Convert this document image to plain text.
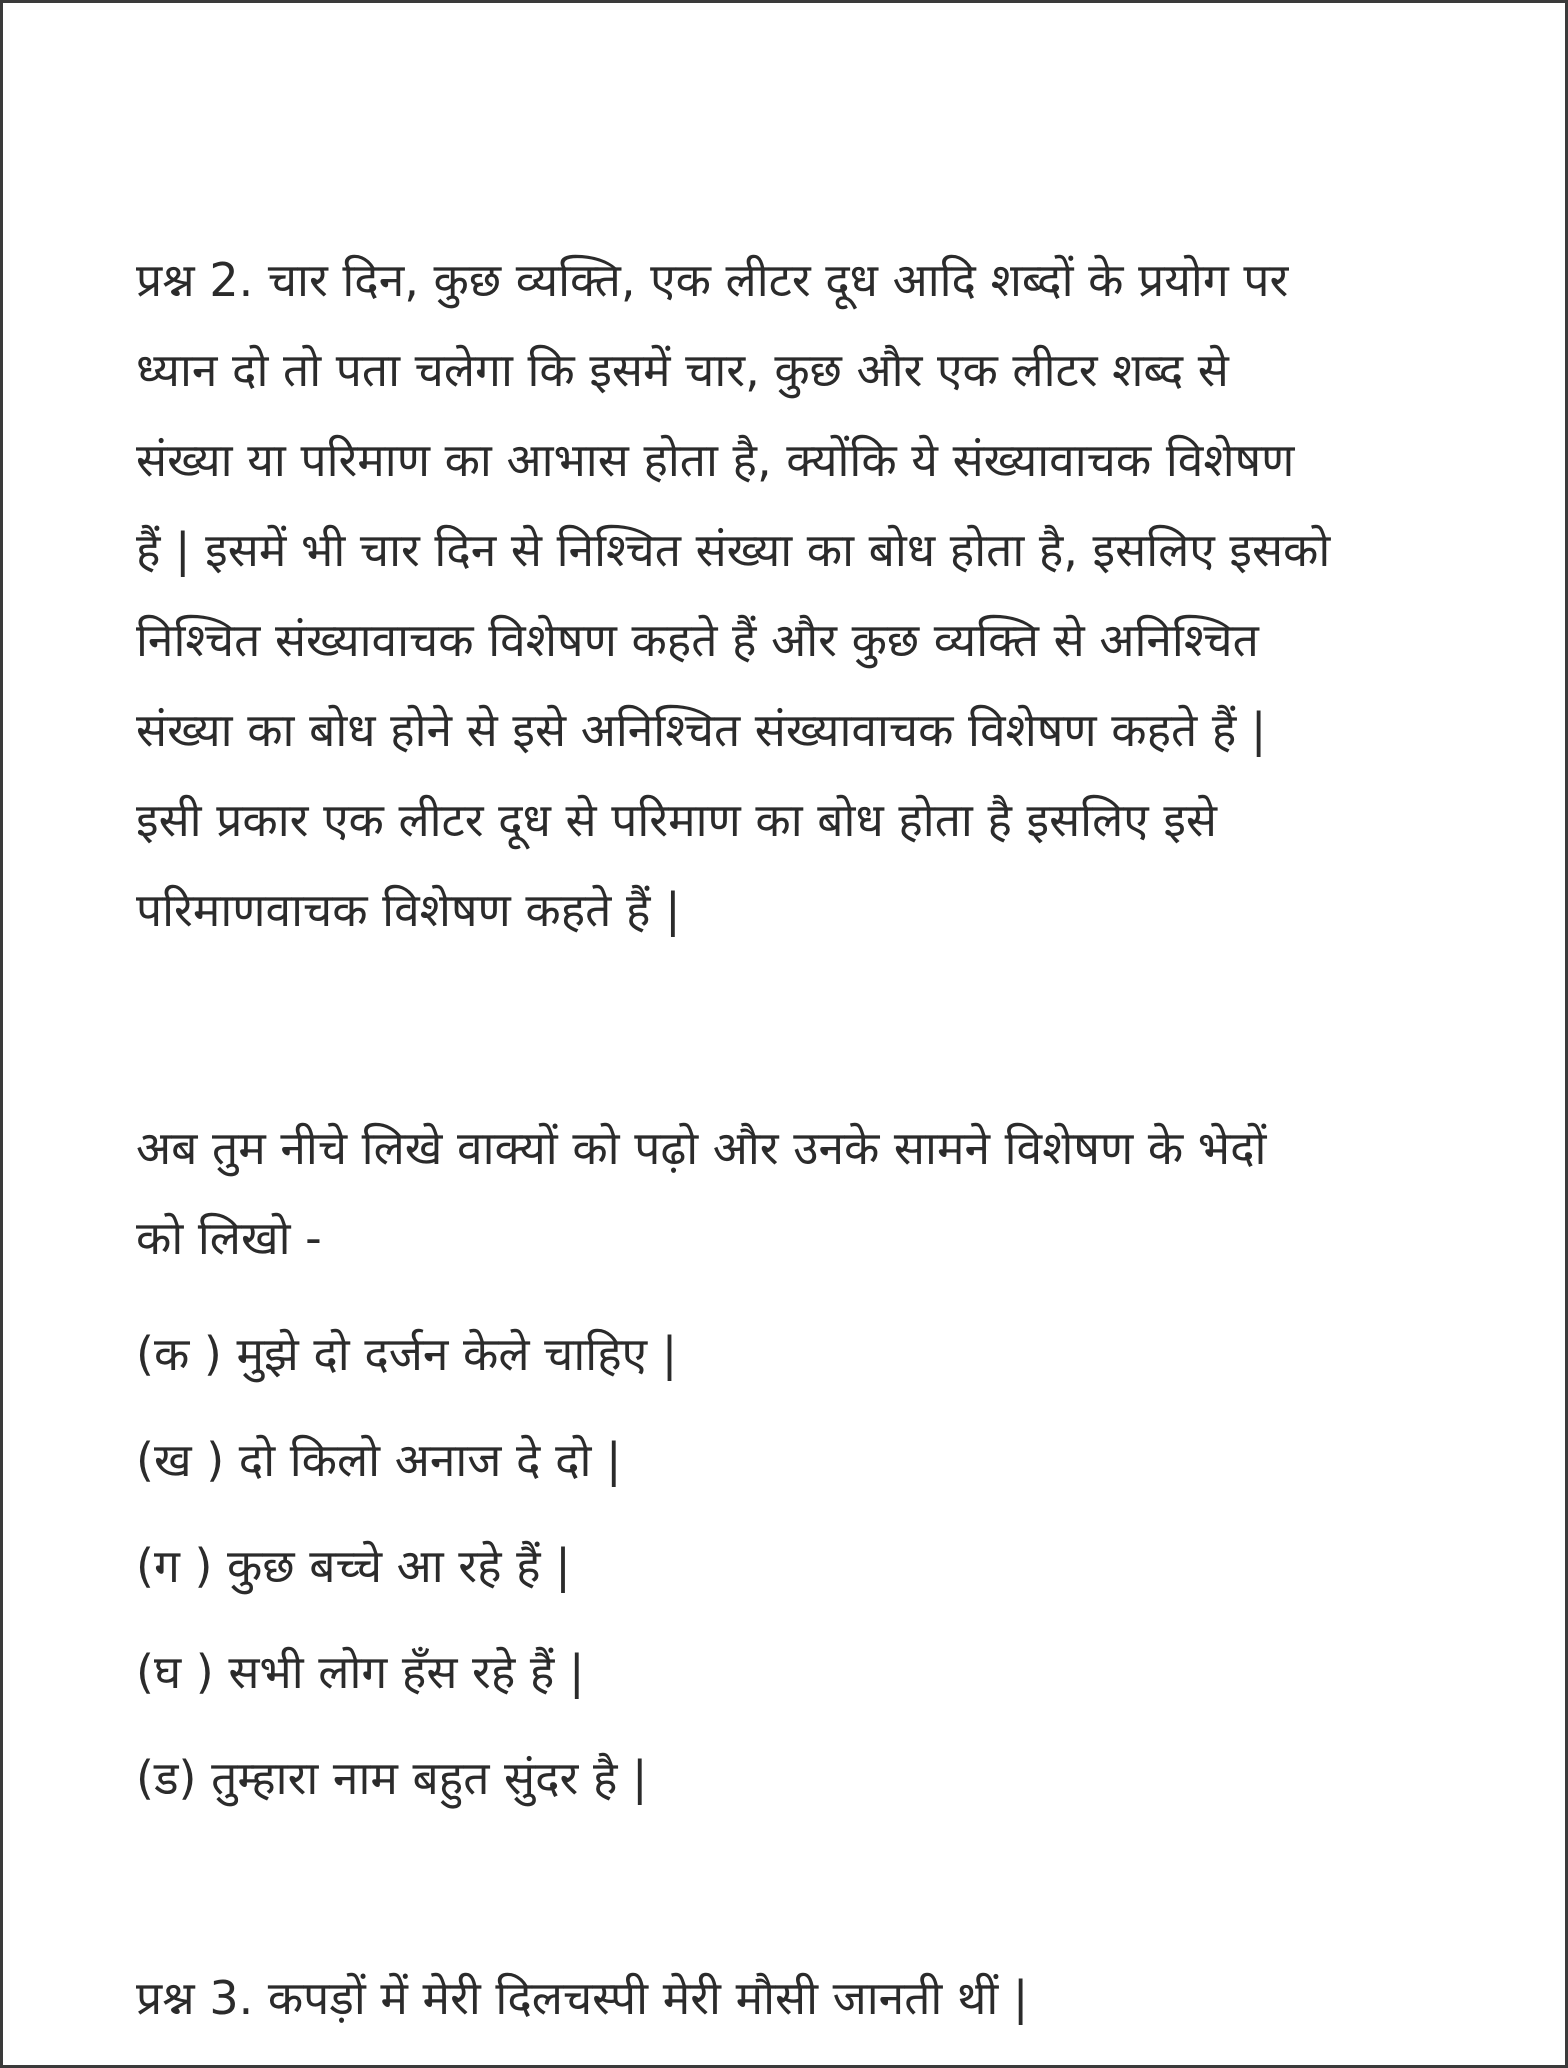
प्रश्न 2. चार दिन, कुछ व्यक्ति, एक लीटर दूध आदि शब्दों के प्रयोग पर
ध्यान दो तो पता चलेगा कि इसमें चार, कुछ और एक लीटर शब्द से
संख्या या परिमाण का आभास होता है, क्योंकि ये संख्यावाचक विशेषण
हैं | इसमें भी चार दिन से निश्चित संख्या का बोध होता है, इसलिए इसको
निश्चित संख्यावाचक विशेषण कहते हैं और कुछ व्यक्ति से अनिश्चित
संख्या का बोध होने से इसे अनिश्चित संख्यावाचक विशेषण कहते हैं |
इसी प्रकार एक लीटर दूध से परिमाण का बोध होता है इसलिए इसे
परिमाणवाचक विशेषण कहते हैं |

अब तुम नीचे लिखे वाक्यों को पढ़ो और उनके सामने विशेषण के भेदों
को लिखो -

(क ) मुझे दो दर्जन केले चाहिए |
(ख ) दो किलो अनाज दे दो |
(ग ) कुछ बच्चे आ रहे हैं |
(घ ) सभी लोग हँस रहे हैं |
(ड) तुम्हारा नाम बहुत सुंदर है |

प्रश्न 3. कपड़ों में मेरी दिलचस्पी मेरी मौसी जानती थीं |
